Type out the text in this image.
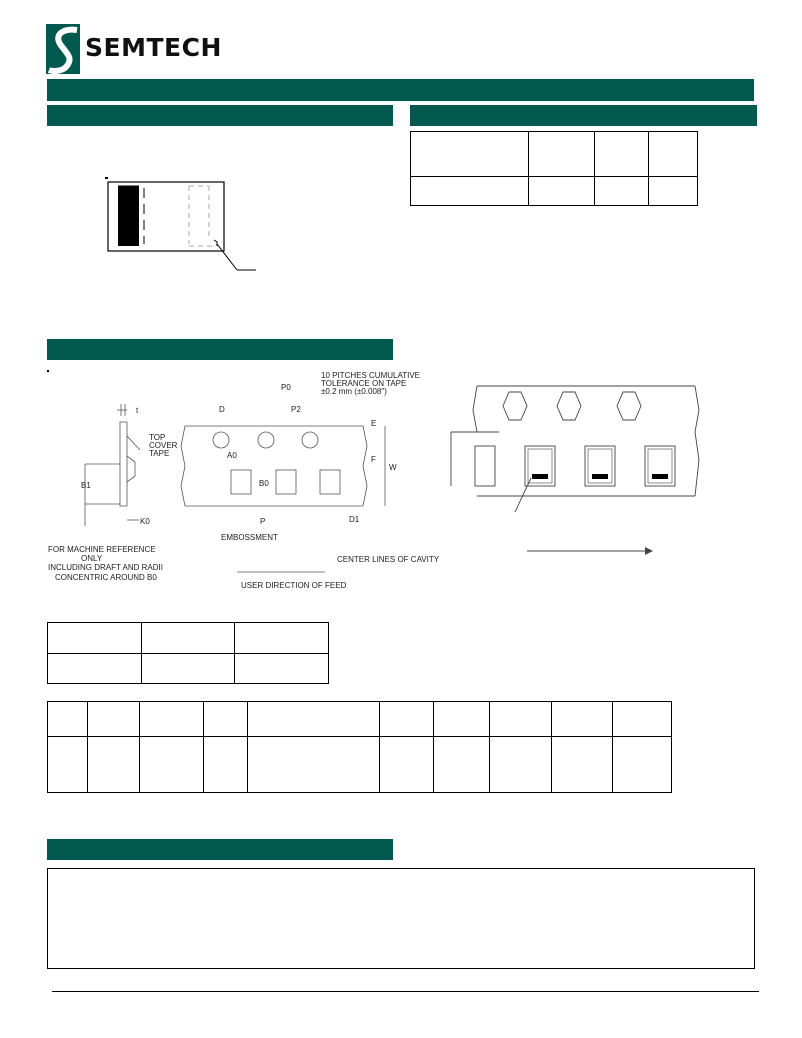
SEMTECH

t
TOP
COVER
TAPE
B1
K0
FOR MACHINE REFERENCE
ONLY
INCLUDING DRAFT AND RADII
CONCENTRIC AROUND B0
D
P0
P2
10 PITCHES CUMULATIVE
TOLERANCE ON TAPE
±0.2 mm (±0.008")
E
F
W
A0
B0
P	D1
EMBOSSMENT
CENTER LINES OF CAVITY
USER DIRECTION OF FEED
